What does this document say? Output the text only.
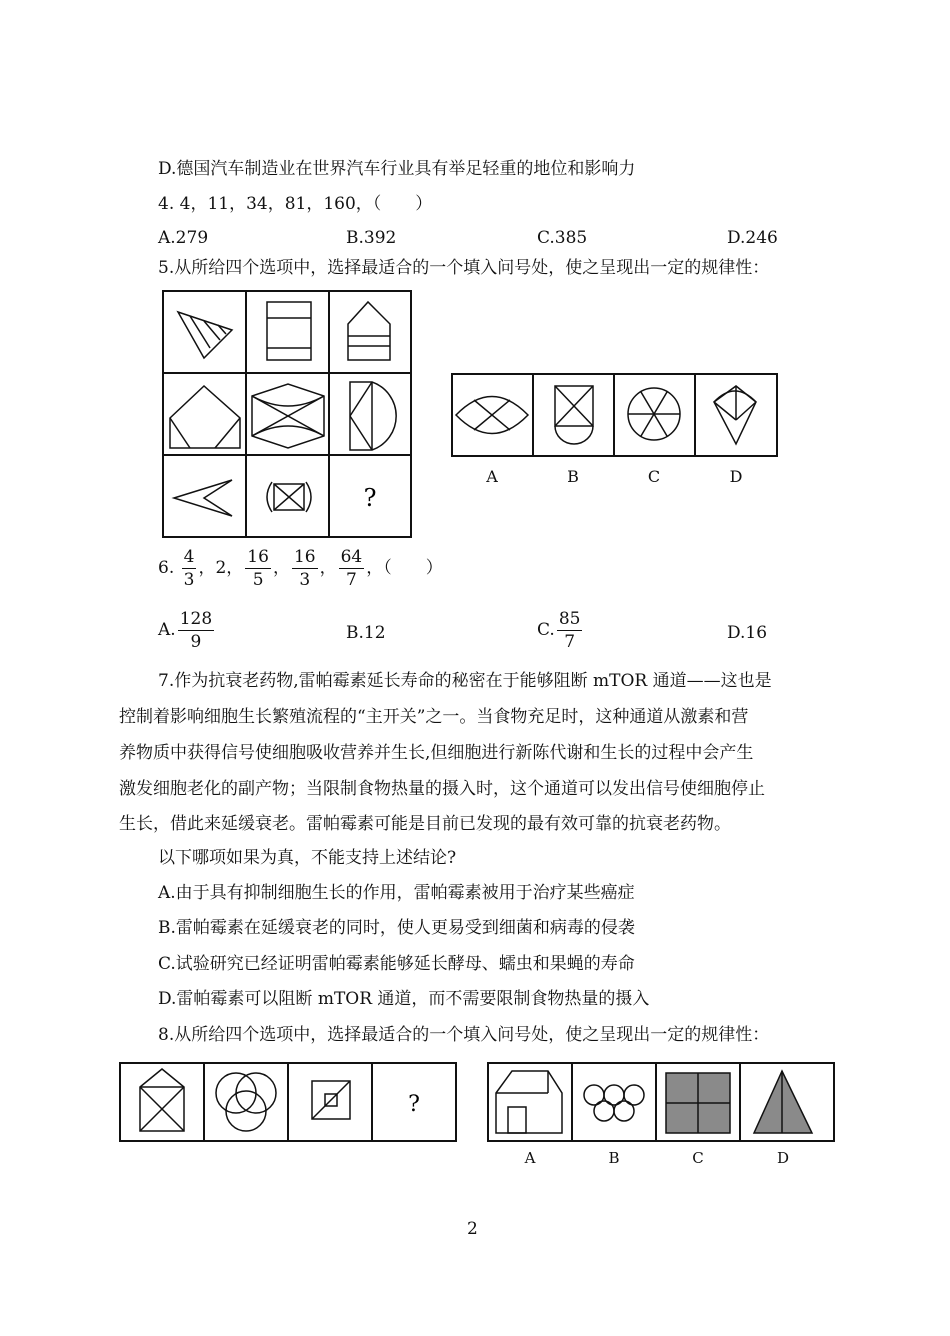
D.德国汽车制造业在世界汽车行业具有举足轻重的地位和影响力
4. 4，11，34，81，160，（　　）
A.279	B.392	C.385	D.246
5.从所给四个选项中，选择最适合的一个填入问号处，使之呈现出一定的规律性：
?
A	B	C	D
6. $\frac{4}{3}$ ，2， $\frac{16}{5}$ ， $\frac{16}{3}$ ， $\frac{64}{7}$ ，（　　）
A. $\frac{128}{9}$	B.12	C. $\frac{85}{7}$	D.16
7.作为抗衰老药物,雷帕霉素延长寿命的秘密在于能够阻断 mTOR 通道——这也是
控制着影响细胞生长繁殖流程的“主开关”之一。当食物充足时，这种通道从激素和营
养物质中获得信号使细胞吸收营养并生长,但细胞进行新陈代谢和生长的过程中会产生
激发细胞老化的副产物；当限制食物热量的摄入时，这个通道可以发出信号使细胞停止
生长，借此来延缓衰老。雷帕霉素可能是目前已发现的最有效可靠的抗衰老药物。
以下哪项如果为真，不能支持上述结论?
A.由于具有抑制细胞生长的作用，雷帕霉素被用于治疗某些癌症
B.雷帕霉素在延缓衰老的同时，使人更易受到细菌和病毒的侵袭
C.试验研究已经证明雷帕霉素能够延长酵母、蠕虫和果蝇的寿命
D.雷帕霉素可以阻断 mTOR 通道，而不需要限制食物热量的摄入
8.从所给四个选项中，选择最适合的一个填入问号处，使之呈现出一定的规律性：
?
A	B	C	D
2
